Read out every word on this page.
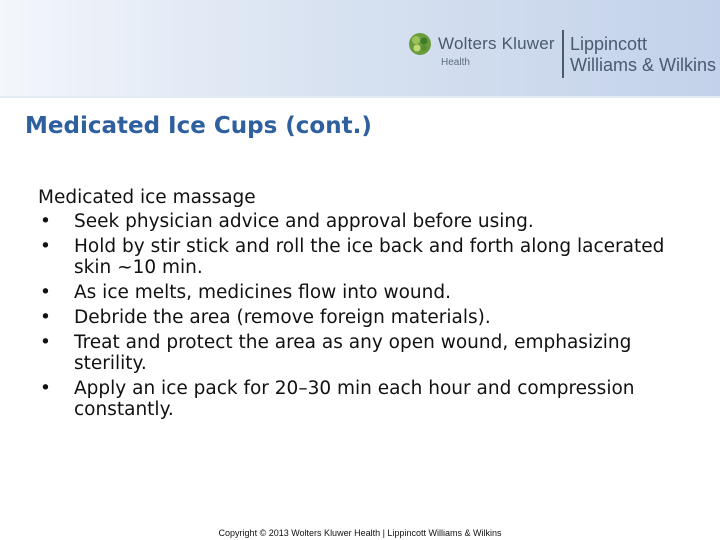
Wolters Kluwer
Health
Lippincott
Williams & Wilkins
Medicated Ice Cups (cont.)

Medicated ice massage

• Seek physician advice and approval before using.
• Hold by stir stick and roll the ice back and forth along lacerated skin ~10 min.
• As ice melts, medicines flow into wound.
• Debride the area (remove foreign materials).
• Treat and protect the area as any open wound, emphasizing sterility.
• Apply an ice pack for 20–30 min each hour and compression constantly.
Copyright © 2013 Wolters Kluwer Health | Lippincott Williams & Wilkins
